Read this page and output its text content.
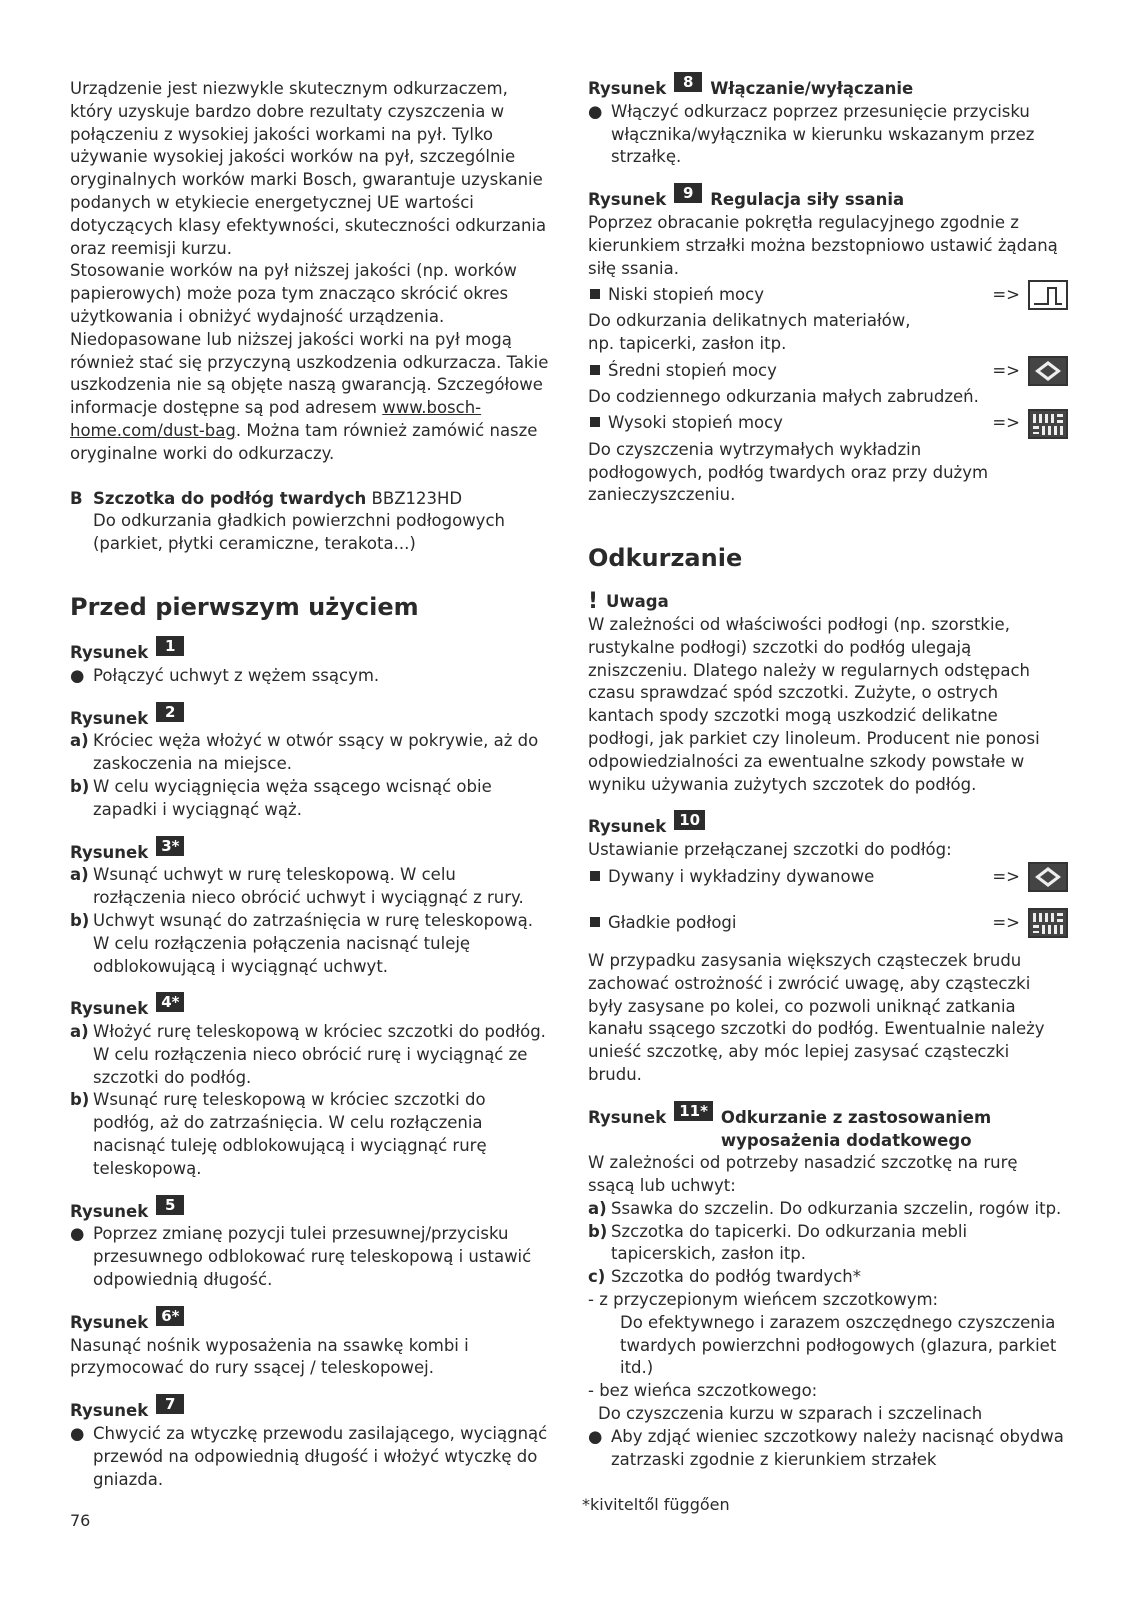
Urządzenie jest niezwykle skutecznym odkurzaczem, który uzyskuje bardzo dobre rezultaty czyszczenia w połączeniu z wysokiej jakości workami na pył. Tylko używanie wysokiej jakości worków na pył, szczególnie oryginalnych worków marki Bosch, gwarantuje uzyskanie podanych w etykiecie energetycznej UE wartości dotyczących klasy efektywności, skuteczności odkurzania oraz reemisji kurzu.

Stosowanie worków na pył niższej jakości (np. worków papierowych) może poza tym znacząco skrócić okres użytkowania i obniżyć wydajność urządzenia. Niedopasowane lub niższej jakości worki na pył mogą również stać się przyczyną uszkodzenia odkurzacza. Takie uszkodzenia nie są objęte naszą gwarancją. Szczegółowe informacje dostępne są pod adresem www.bosch-home.com/dust-bag. Można tam również zamówić nasze oryginalne worki do odkurzaczy.

B Szczotka do podłóg twardych BBZ123HD

Do odkurzania gładkich powierzchni podłogowych (parkiet, płytki ceramiczne, terakota...)

Przed pierwszym użyciem
Rysunek	1
● Połączyć uchwyt z wężem ssącym.
Rysunek	2
a) Króciec węża włożyć w otwór ssący w pokrywie, aż do zaskoczenia na miejsce.
b) W celu wyciągnięcia węża ssącego wcisnąć obie zapadki i wyciągnąć wąż.
Rysunek 3*
a) Wsunąć uchwyt w rurę teleskopową. W celu rozłączenia nieco obrócić uchwyt i wyciągnąć z rury.
b) Uchwyt wsunąć do zatrzaśnięcia w rurę teleskopową. W celu rozłączenia połączenia nacisnąć tuleję odblokowującą i wyciągnąć uchwyt.
Rysunek 4*
a) Włożyć rurę teleskopową w króciec szczotki do podłóg. W celu rozłączenia nieco obrócić rurę i wyciągnąć ze szczotki do podłóg.
b) Wsunąć rurę teleskopową w króciec szczotki do podłóg, aż do zatrzaśnięcia. W celu rozłączenia nacisnąć tuleję odblokowującą i wyciągnąć rurę teleskopową.
Rysunek	5
● Poprzez zmianę pozycji tulei przesuwnej/przycisku przesuwnego odblokować rurę teleskopową i ustawić odpowiednią długość.
Rysunek 6*

Nasunąć nośnik wyposażenia na ssawkę kombi i przymocować do rury ssącej / teleskopowej.

Rysunek	7
● Chwycić za wtyczkę przewodu zasilającego, wyciągnąć przewód na odpowiednią długość i włożyć wtyczkę do gniazda.
Rysunek	8	Włączanie/wyłączanie
● Włączyć odkurzacz poprzez przesunięcie przycisku włącznika/wyłącznika w kierunku wskazanym przez strzałkę.
Rysunek	9	Regulacja siły ssania

Poprzez obracanie pokrętła regulacyjnego zgodnie z kierunkiem strzałki można bezstopniowo ustawić żądaną siłę ssania.

Niski stopień mocy	=>

Do odkurzania delikatnych materiałów, np. tapicerki, zasłon itp.

Średni stopień mocy	=>

Do codziennego odkurzania małych zabrudzeń.

Wysoki stopień mocy	=>

Do czyszczenia wytrzymałych wykładzin podłogowych, podłóg twardych oraz przy dużym zanieczyszczeniu.

Odkurzanie
! Uwaga

W zależności od właściwości podłogi (np. szorstkie, rustykalne podłogi) szczotki do podłóg ulegają zniszczeniu. Dlatego należy w regularnych odstępach czasu sprawdzać spód szczotki. Zużyte, o ostrych kantach spody szczotki mogą uszkodzić delikatne podłogi, jak parkiet czy linoleum. Producent nie ponosi odpowiedzialności za ewentualne szkody powstałe w wyniku używania zużytych szczotek do podłóg.

Rysunek 10

Ustawianie przełączanej szczotki do podłóg:

Dywany i wykładziny dywanowe	=>
Gładkie podłogi	=>

W przypadku zasysania większych cząsteczek brudu zachować ostrożność i zwrócić uwagę, aby cząsteczki były zasysane po kolei, co pozwoli uniknąć zatkania kanału ssącego szczotki do podłóg. Ewentualnie należy unieść szczotkę, aby móc lepiej zasysać cząsteczki brudu.

Rysunek 11* Odkurzanie z zastosowaniem
wyposażenia dodatkowego

W zależności od potrzeby nasadzić szczotkę na rurę ssącą lub uchwyt:

a) Ssawka do szczelin. Do odkurzania szczelin, rogów itp.
b) Szczotka do tapicerki. Do odkurzania mebli tapicerskich, zasłon itp.
c) Szczotka do podłóg twardych*

- z przyczepionym wieńcem szczotkowym:

Do efektywnego i zarazem oszczędnego czyszczenia twardych powierzchni podłogowych (glazura, parkiet itd.)

- bez wieńca szczotkowego:

Do czyszczenia kurzu w szparach i szczelinach

● Aby zdjąć wieniec szczotkowy należy nacisnąć obydwa zatrzaski zgodnie z kierunkiem strzałek
*kiviteltől függően
76
